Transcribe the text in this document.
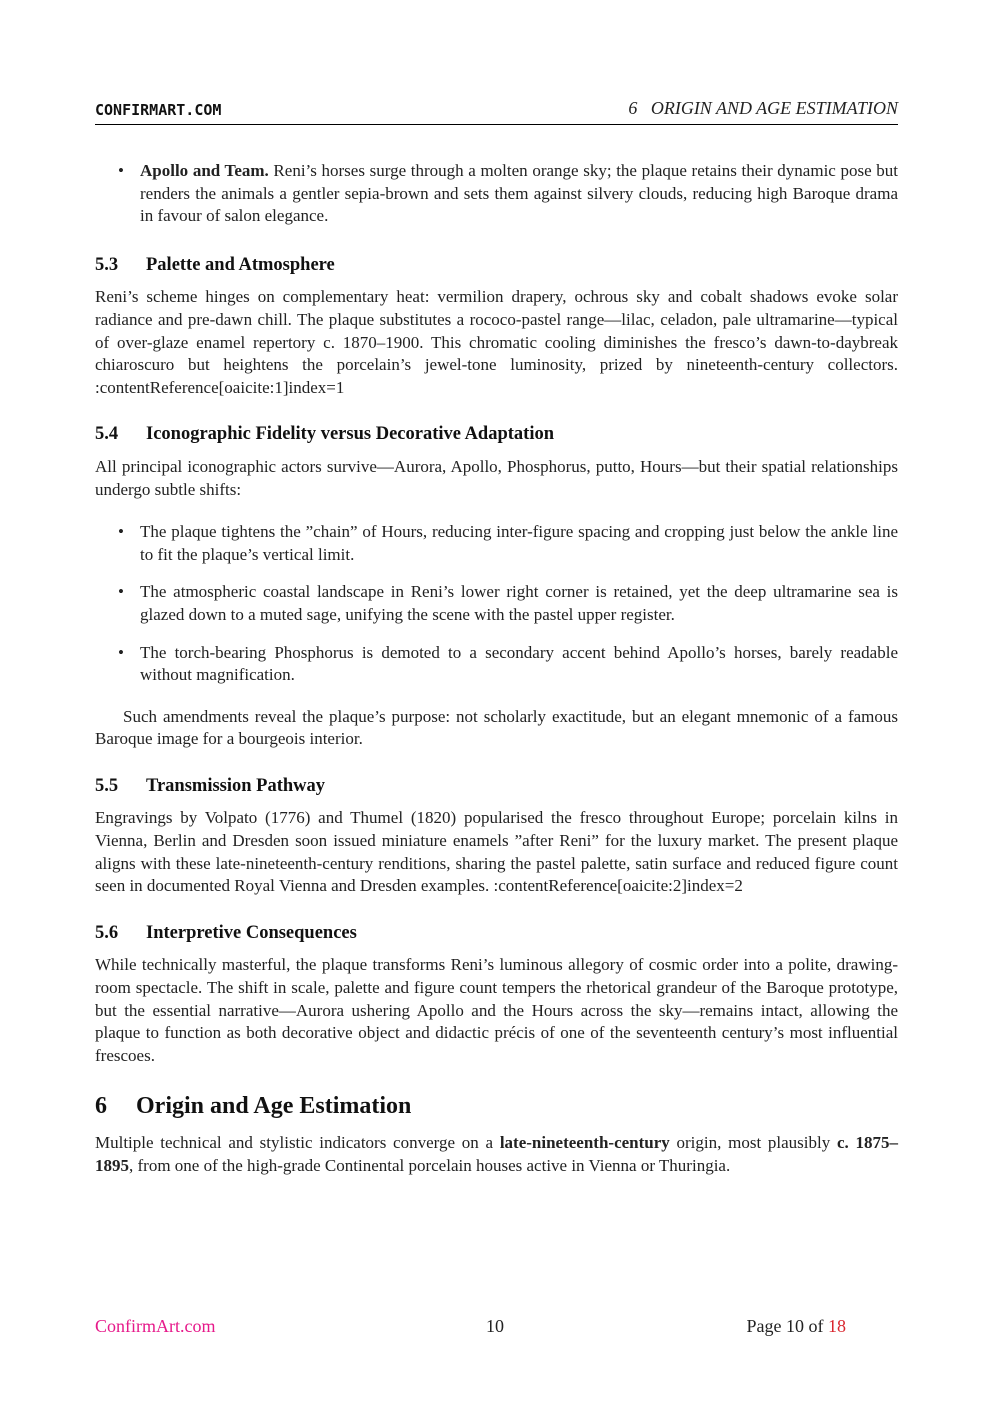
CONFIRMART.COM	6   ORIGIN AND AGE ESTIMATION
• Apollo and Team. Reni’s horses surge through a molten orange sky; the plaque retains their dynamic pose but renders the animals a gentler sepia-brown and sets them against silvery clouds, reducing high Baroque drama in favour of salon elegance.
5.3 Palette and Atmosphere

Reni’s scheme hinges on complementary heat: vermilion drapery, ochrous sky and cobalt shadows evoke solar radiance and pre-dawn chill. The plaque substitutes a rococo-pastel range—lilac, celadon, pale ultramarine—typical of over-glaze enamel repertory c. 1870–1900. This chromatic cooling diminishes the fresco’s dawn-to-daybreak chiaroscuro but heightens the porcelain’s jewel-tone luminosity, prized by nineteenth-century collectors. :contentReference[oaicite:1]index=1

5.4 Iconographic Fidelity versus Decorative Adaptation

All principal iconographic actors survive—Aurora, Apollo, Phosphorus, putto, Hours—but their spatial relationships undergo subtle shifts:

• The plaque tightens the ”chain” of Hours, reducing inter-figure spacing and cropping just below the ankle line to fit the plaque’s vertical limit.
• The atmospheric coastal landscape in Reni’s lower right corner is retained, yet the deep ultramarine sea is glazed down to a muted sage, unifying the scene with the pastel upper register.
• The torch-bearing Phosphorus is demoted to a secondary accent behind Apollo’s horses, barely readable without magnification.

Such amendments reveal the plaque’s purpose: not scholarly exactitude, but an elegant mnemonic of a famous Baroque image for a bourgeois interior.

5.5 Transmission Pathway

Engravings by Volpato (1776) and Thumel (1820) popularised the fresco throughout Europe; porcelain kilns in Vienna, Berlin and Dresden soon issued miniature enamels ”after Reni” for the luxury market. The present plaque aligns with these late-nineteenth-century renditions, sharing the pastel palette, satin surface and reduced figure count seen in documented Royal Vienna and Dresden examples. :contentReference[oaicite:2]index=2

5.6 Interpretive Consequences

While technically masterful, the plaque transforms Reni’s luminous allegory of cosmic order into a polite, drawing-room spectacle. The shift in scale, palette and figure count tempers the rhetorical grandeur of the Baroque prototype, but the essential narrative—Aurora ushering Apollo and the Hours across the sky—remains intact, allowing the plaque to function as both decorative object and didactic précis of one of the seventeenth century’s most influential frescoes.

6 Origin and Age Estimation

Multiple technical and stylistic indicators converge on a late-nineteenth-century origin, most plausibly c. 1875–1895, from one of the high-grade Continental porcelain houses active in Vienna or Thuringia.

ConfirmArt.com	10	Page 10 of 18
